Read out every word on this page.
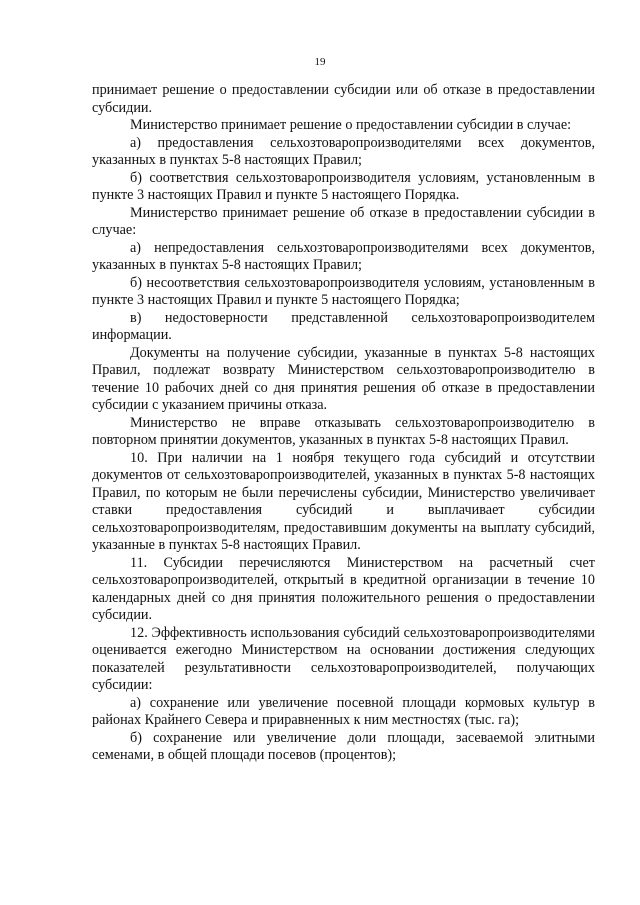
19

принимает решение о предоставлении субсидии или об отказе в предоставлении субсидии.

Министерство принимает решение о предоставлении субсидии в случае:

а) предоставления сельхозтоваропроизводителями всех документов, указанных в пунктах 5-8 настоящих Правил;

б) соответствия сельхозтоваропроизводителя условиям, установленным в пункте 3 настоящих Правил и пункте 5 настоящего Порядка.

Министерство принимает решение об отказе в предоставлении субсидии в случае:

а) непредоставления сельхозтоваропроизводителями всех документов, указанных в пунктах 5-8 настоящих Правил;

б) несоответствия сельхозтоваропроизводителя условиям, установленным в пункте 3 настоящих Правил и пункте 5 настоящего Порядка;

в) недостоверности представленной сельхозтоваропроизводителем информации.

Документы на получение субсидии, указанные в пунктах 5-8 настоящих Правил, подлежат возврату Министерством сельхозтоваропроизводителю в течение 10 рабочих дней со дня принятия решения об отказе в предоставлении субсидии с указанием причины отказа.

Министерство не вправе отказывать сельхозтоваропроизводителю в повторном принятии документов, указанных в пунктах 5-8 настоящих Правил.

10. При наличии на 1 ноября текущего года субсидий и отсутствии документов от сельхозтоваропроизводителей, указанных в пунктах 5-8 настоящих Правил, по которым не были перечислены субсидии, Министерство увеличивает ставки предоставления субсидий и выплачивает субсидии сельхозтоваропроизводителям, предоставившим документы на выплату субсидий, указанные в пунктах 5-8 настоящих Правил.

11. Субсидии перечисляются Министерством на расчетный счет сельхозтоваропроизводителей, открытый в кредитной организации в течение 10 календарных дней со дня принятия положительного решения о предоставлении субсидии.

12. Эффективность использования субсидий сельхозтоваропроизводителями оценивается ежегодно Министерством на основании достижения следующих показателей результативности сельхозтоваропроизводителей, получающих субсидии:

а) сохранение или увеличение посевной площади кормовых культур в районах Крайнего Севера и приравненных к ним местностях (тыс. га);

б) сохранение или увеличение доли площади, засеваемой элитными семенами, в общей площади посевов (процентов);
